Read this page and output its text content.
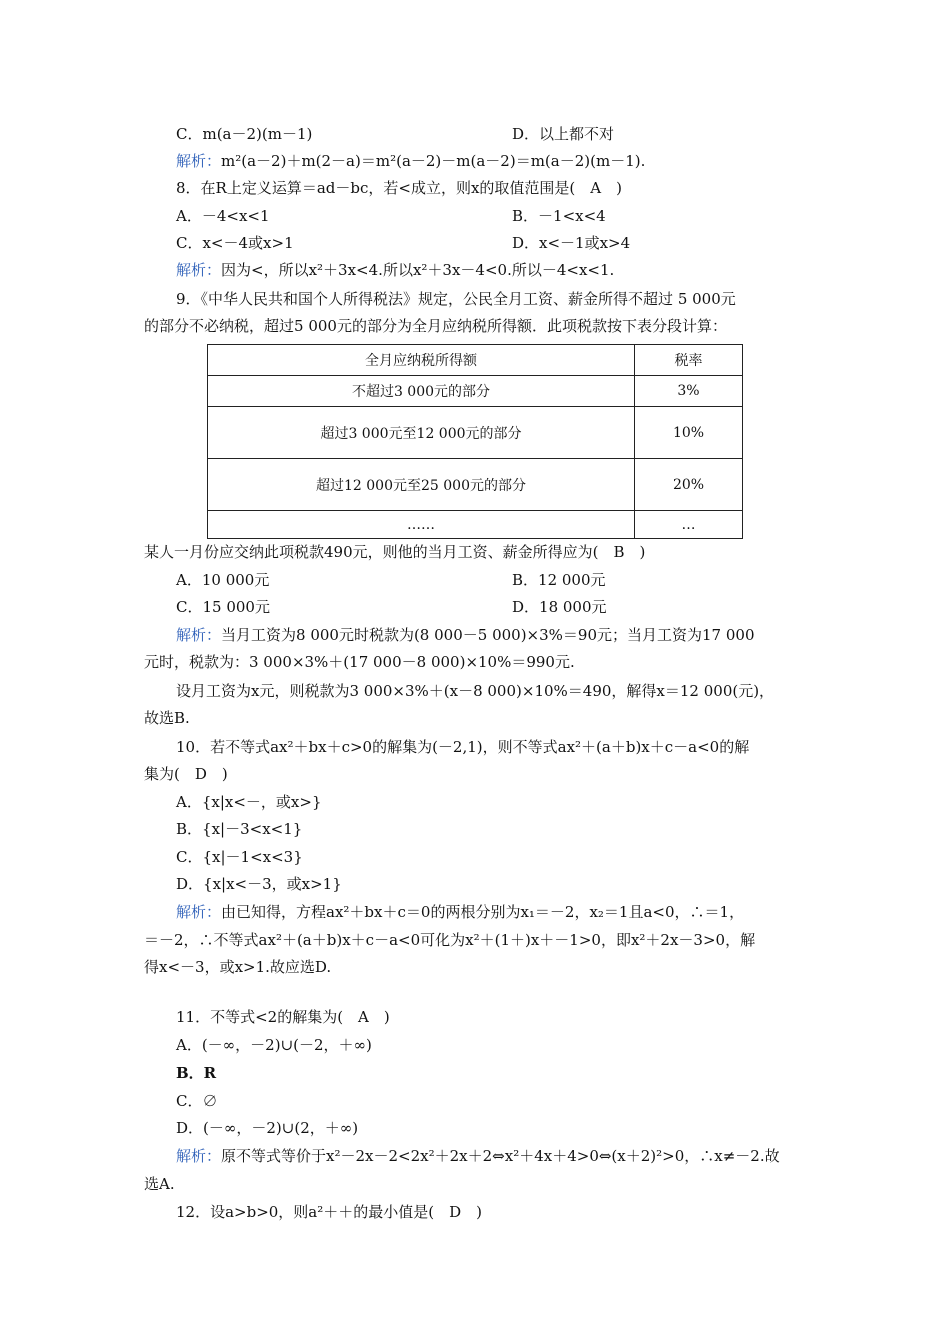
C．m(a－2)(m－1)	D．以上都不对
解析：m²(a－2)＋m(2－a)＝m²(a－2)－m(a－2)＝m(a－2)(m－1).
8．在R上定义运算＝ad－bc，若<成立，则x的取值范围是(　A　)
A．－4<x<1	B．－1<x<4
C．x<－4或x>1	D．x<－1或x>4
解析：因为<，所以x²＋3x<4.所以x²＋3x－4<0.所以－4<x<1.
9．《中华人民共和国个人所得税法》规定，公民全月工资、薪金所得不超过 5 000元
的部分不必纳税，超过5 000元的部分为全月应纳税所得额．此项税款按下表分段计算：
全月应纳税所得额	税率
不超过3 000元的部分	3%
超过3 000元至12 000元的部分	10%
超过12 000元至25 000元的部分	20%
……	…
某人一月份应交纳此项税款490元，则他的当月工资、薪金所得应为(　B　)
A．10 000元	B．12 000元
C．15 000元	D．18 000元
解析：当月工资为8 000元时税款为(8 000－5 000)×3%＝90元；当月工资为17 000
元时，税款为：3 000×3%＋(17 000－8 000)×10%＝990元.
设月工资为x元，则税款为3 000×3%＋(x－8 000)×10%＝490，解得x＝12 000(元)，
故选B.
10．若不等式ax²＋bx＋c>0的解集为(－2,1)，则不等式ax²＋(a＋b)x＋c－a<0的解
集为(　D　)
A．{x|x<－，或x>}
B．{x|－3<x<1}
C．{x|－1<x<3}
D．{x|x<－3，或x>1}
解析：由已知得，方程ax²＋bx＋c＝0的两根分别为x₁＝－2，x₂＝1且a<0，∴＝1，
＝－2，∴不等式ax²＋(a＋b)x＋c－a<0可化为x²＋(1＋)x＋－1>0，即x²＋2x－3>0，解
得x<－3，或x>1.故应选D.
11．不等式<2的解集为(　A　)
A．(－∞，－2)∪(－2，＋∞)
B．R
C．∅
D．(－∞，－2)∪(2，＋∞)
解析：原不等式等价于x²－2x－2<2x²＋2x＋2⇔x²＋4x＋4>0⇔(x＋2)²>0，∴x≠－2.故
选A.
12．设a>b>0，则a²＋＋的最小值是(　D　)
